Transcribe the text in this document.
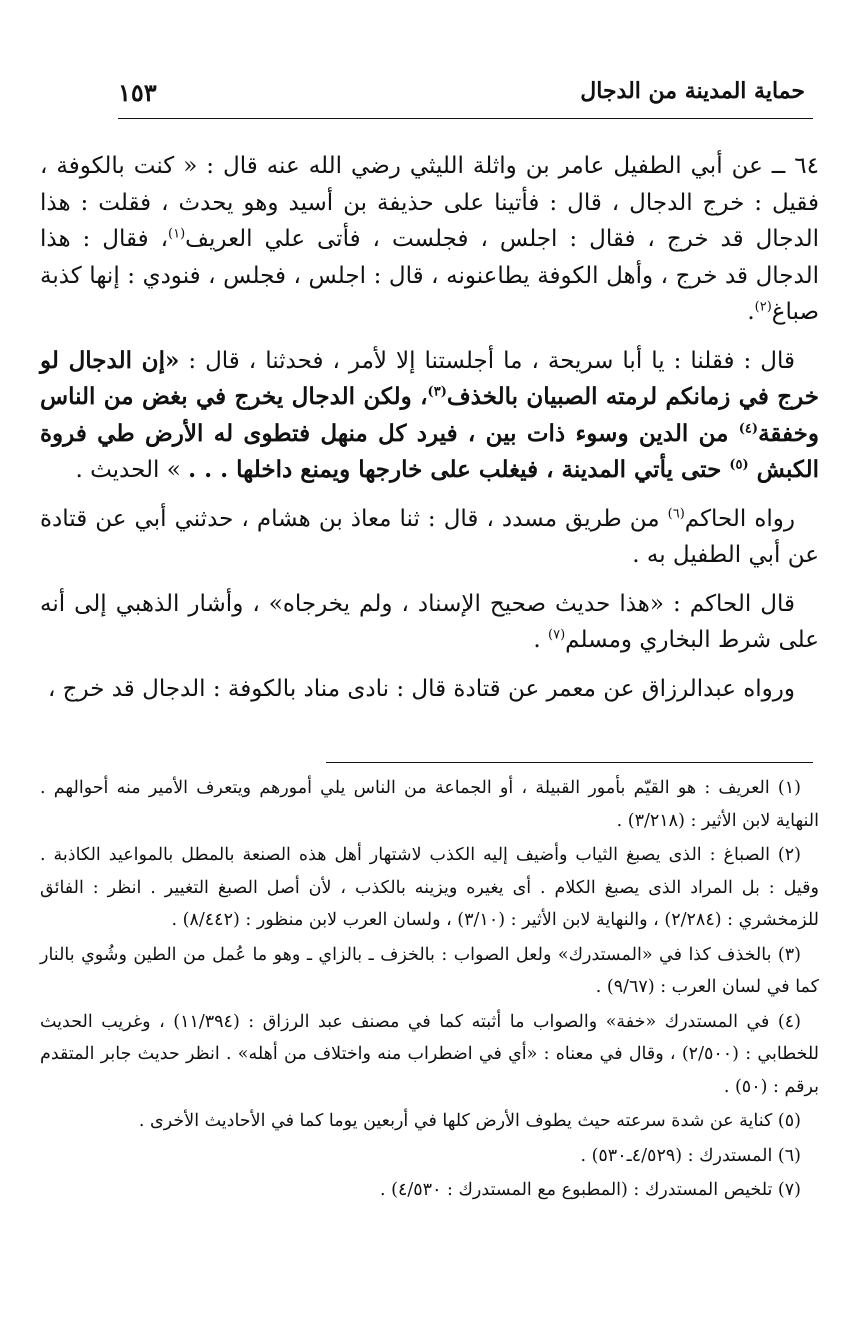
حماية المدينة من الدجال
١٥٣

٦٤ ــ عن أبي الطفيل عامر بن واثلة الليثي رضي الله عنه قال : « كنت بالكوفة ، فقيل : خرج الدجال ، قال : فأتينا على حذيفة بن أسيد وهو يحدث ، فقلت : هذا الدجال قد خرج ، فقال : اجلس ، فجلست ، فأتى علي العريف$^{(١)}$، فقال : هذا الدجال قد خرج ، وأهل الكوفة يطاعنونه ، قال : اجلس ، فجلس ، فنودي : إنها كذبة صباغ$^{(٢)}$.

قال : فقلنا : يا أبا سريحة ، ما أجلستنا إلا لأمر ، فحدثنا ، قال : «إن الدجال لو خرج في زمانكم لرمته الصبيان بالخذف$^{(٣)}$، ولكن الدجال يخرج في بغض من الناس وخفقة$^{(٤)}$ من الدين وسوء ذات بين ، فيرد كل منهل فتطوى له الأرض طي فروة الكبش $^{(٥)}$ حتى يأتي المدينة ، فيغلب على خارجها ويمنع داخلها . . . » الحديث .

رواه الحاكم$^{(٦)}$ من طريق مسدد ، قال : ثنا معاذ بن هشام ، حدثني أبي عن قتادة عن أبي الطفيل به .

قال الحاكم : «هذا حديث صحيح الإسناد ، ولم يخرجاه» ، وأشار الذهبي إلى أنه على شرط البخاري ومسلم$^{(٧)}$ .

ورواه عبدالرزاق عن معمر عن قتادة قال : نادى مناد بالكوفة : الدجال قد خرج ،

(١) العريف : هو القيّم بأمور القبيلة ، أو الجماعة من الناس يلي أمورهم ويتعرف الأمير منه أحوالهم . النهاية لابن الأثير : (٣/٢١٨) .

(٢) الصباغ : الذى يصبغ الثياب وأضيف إليه الكذب لاشتهار أهل هذه الصنعة بالمطل بالمواعيد الكاذبة . وقيل : بل المراد الذى يصبغ الكلام . أى يغيره ويزينه بالكذب ، لأن أصل الصبغ التغيير . انظر : الفائق للزمخشري : (٢/٢٨٤) ، والنهاية لابن الأثير : (٣/١٠) ، ولسان العرب لابن منظور : (٨/٤٤٢) .

(٣) بالخذف كذا في «المستدرك» ولعل الصواب : بالخزف ـ بالزاي ـ وهو ما عُمل من الطين وشُوي بالنار كما في لسان العرب : (٩/٦٧) .

(٤) في المستدرك «خفة» والصواب ما أثبته كما في مصنف عبد الرزاق : (١١/٣٩٤) ، وغريب الحديث للخطابي : (٢/٥٠٠) ، وقال في معناه : «أي في اضطراب منه واختلاف من أهله» . انظر حديث جابر المتقدم برقم : (٥٠) .

(٥) كناية عن شدة سرعته حيث يطوف الأرض كلها في أربعين يوما كما في الأحاديث الأخرى .

(٦) المستدرك : (٤/٥٢٩ـ٥٣٠) .

(٧) تلخيص المستدرك : (المطبوع مع المستدرك : ٤/٥٣٠) .
